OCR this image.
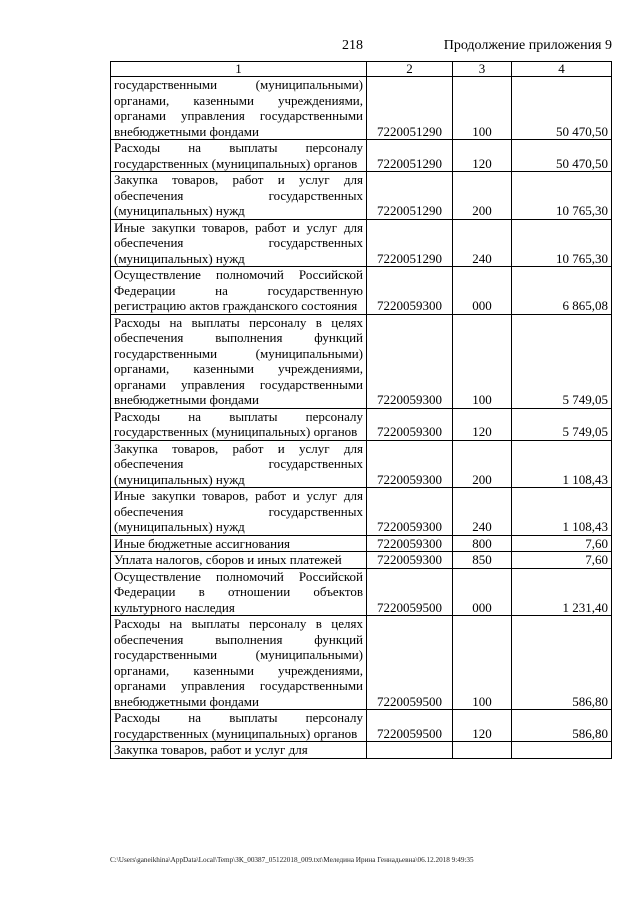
218	Продолжение приложения 9
1	2	3	4
государственными (муниципальными) органами, казенными учреждениями, органами управления государственными внебюджетными фондами	7220051290	100	50 470,50
Расходы на выплаты персоналу государственных (муниципальных) органов	7220051290	120	50 470,50
Закупка товаров, работ и услуг для обеспечения государственных (муниципальных) нужд	7220051290	200	10 765,30
Иные закупки товаров, работ и услуг для обеспечения государственных (муниципальных) нужд	7220051290	240	10 765,30
Осуществление полномочий Российской Федерации на государственную регистрацию актов гражданского состояния	7220059300	000	6 865,08
Расходы на выплаты персоналу в целях обеспечения выполнения функций государственными (муниципальными) органами, казенными учреждениями, органами управления государственными внебюджетными фондами	7220059300	100	5 749,05
Расходы на выплаты персоналу государственных (муниципальных) органов	7220059300	120	5 749,05
Закупка товаров, работ и услуг для обеспечения государственных (муниципальных) нужд	7220059300	200	1 108,43
Иные закупки товаров, работ и услуг для обеспечения государственных (муниципальных) нужд	7220059300	240	1 108,43
Иные бюджетные ассигнования	7220059300	800	7,60
Уплата налогов, сборов и иных платежей	7220059300	850	7,60
Осуществление полномочий Российской Федерации в отношении объектов культурного наследия	7220059500	000	1 231,40
Расходы на выплаты персоналу в целях обеспечения выполнения функций государственными (муниципальными) органами, казенными учреждениями, органами управления государственными внебюджетными фондами	7220059500	100	586,80
Расходы на выплаты персоналу государственных (муниципальных) органов	7220059500	120	586,80
Закупка товаров, работ и услуг для			
C:\Users\ganeikhina\AppData\Local\Temp\ЗК_00387_05122018_009.txt\Меледина Ирина Геннадьевна\06.12.2018 9:49:35
